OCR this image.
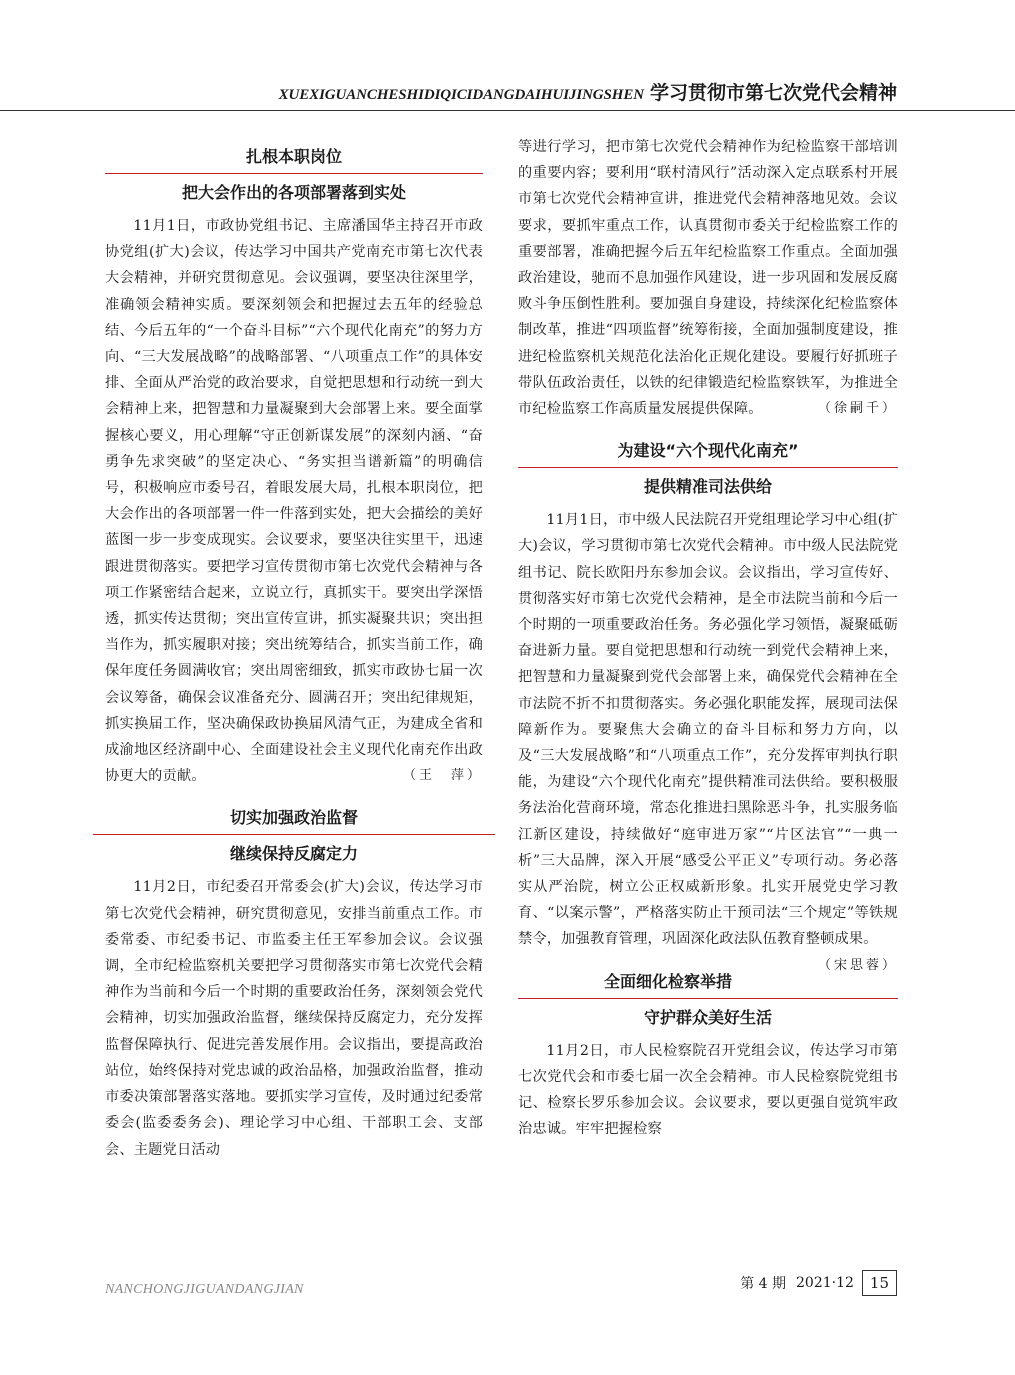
XUEXIGUANCHESHIDIQICIDANGDAIHUIJINGSHEN 学习贯彻市第七次党代会精神
扎根本职岗位
把大会作出的各项部署落到实处

11月1日，市政协党组书记、主席潘国华主持召开市政协党组(扩大)会议，传达学习中国共产党南充市第七次代表大会精神，并研究贯彻意见。会议强调，要坚决往深里学，准确领会精神实质。要深刻领会和把握过去五年的经验总结、今后五年的“一个奋斗目标”“六个现代化南充”的努力方向、“三大发展战略”的战略部署、“八项重点工作”的具体安排、全面从严治党的政治要求，自觉把思想和行动统一到大会精神上来，把智慧和力量凝聚到大会部署上来。要全面掌握核心要义，用心理解“守正创新谋发展”的深刻内涵、“奋勇争先求突破”的坚定决心、“务实担当谱新篇”的明确信号，积极响应市委号召，着眼发展大局，扎根本职岗位，把大会作出的各项部署一件一件落到实处，把大会描绘的美好蓝图一步一步变成现实。会议要求，要坚决往实里干，迅速跟进贯彻落实。要把学习宣传贯彻市第七次党代会精神与各项工作紧密结合起来，立说立行，真抓实干。要突出学深悟透，抓实传达贯彻；突出宣传宣讲，抓实凝聚共识；突出担当作为，抓实履职对接；突出统筹结合，抓实当前工作，确保年度任务圆满收官；突出周密细致，抓实市政协七届一次会议筹备，确保会议准备充分、圆满召开；突出纪律规矩，抓实换届工作，坚决确保政协换届风清气正，为建成全省和成渝地区经济副中心、全面建设社会主义现代化南充作出政协更大的贡献。	（王　萍）

切实加强政治监督
继续保持反腐定力

11月2日，市纪委召开常委会(扩大)会议，传达学习市第七次党代会精神，研究贯彻意见，安排当前重点工作。市委常委、市纪委书记、市监委主任王军参加会议。会议强调，全市纪检监察机关要把学习贯彻落实市第七次党代会精神作为当前和今后一个时期的重要政治任务，深刻领会党代会精神，切实加强政治监督，继续保持反腐定力，充分发挥监督保障执行、促进完善发展作用。会议指出，要提高政治站位，始终保持对党忠诚的政治品格，加强政治监督，推动市委决策部署落实落地。要抓实学习宣传，及时通过纪委常委会(监委委务会)、理论学习中心组、干部职工会、支部会、主题党日活动

等进行学习，把市第七次党代会精神作为纪检监察干部培训的重要内容；要利用“联村清风行”活动深入定点联系村开展市第七次党代会精神宣讲，推进党代会精神落地见效。会议要求，要抓牢重点工作，认真贯彻市委关于纪检监察工作的重要部署，准确把握今后五年纪检监察工作重点。全面加强政治建设，驰而不息加强作风建设，进一步巩固和发展反腐败斗争压倒性胜利。要加强自身建设，持续深化纪检监察体制改革，推进“四项监督”统筹衔接，全面加强制度建设，推进纪检监察机关规范化法治化正规化建设。要履行好抓班子带队伍政治责任，以铁的纪律锻造纪检监察铁军，为推进全市纪检监察工作高质量发展提供保障。	（徐嗣千）

为建设“六个现代化南充”
提供精准司法供给

11月1日，市中级人民法院召开党组理论学习中心组(扩大)会议，学习贯彻市第七次党代会精神。市中级人民法院党组书记、院长欧阳丹东参加会议。会议指出，学习宣传好、贯彻落实好市第七次党代会精神，是全市法院当前和今后一个时期的一项重要政治任务。务必强化学习领悟，凝聚砥砺奋进新力量。要自觉把思想和行动统一到党代会精神上来，把智慧和力量凝聚到党代会部署上来，确保党代会精神在全市法院不折不扣贯彻落实。务必强化职能发挥，展现司法保障新作为。要聚焦大会确立的奋斗目标和努力方向，以及“三大发展战略”和“八项重点工作”，充分发挥审判执行职能，为建设“六个现代化南充”提供精准司法供给。要积极服务法治化营商环境，常态化推进扫黑除恶斗争，扎实服务临江新区建设，持续做好“庭审进万家”“片区法官”“一典一析”三大品牌，深入开展“感受公平正义”专项行动。务必落实从严治院，树立公正权威新形象。扎实开展党史学习教育、“以案示警”，严格落实防止干预司法“三个规定”等铁规禁令，加强教育管理，巩固深化政法队伍教育整顿成果。
（宋思蓉）

全面细化检察举措
守护群众美好生活

11月2日，市人民检察院召开党组会议，传达学习市第七次党代会和市委七届一次全会精神。市人民检察院党组书记、检察长罗乐参加会议。会议要求，要以更强自觉筑牢政治忠诚。牢牢把握检察

NANCHONGJIGUANDANGJIAN	第 4 期 2021·12	15
